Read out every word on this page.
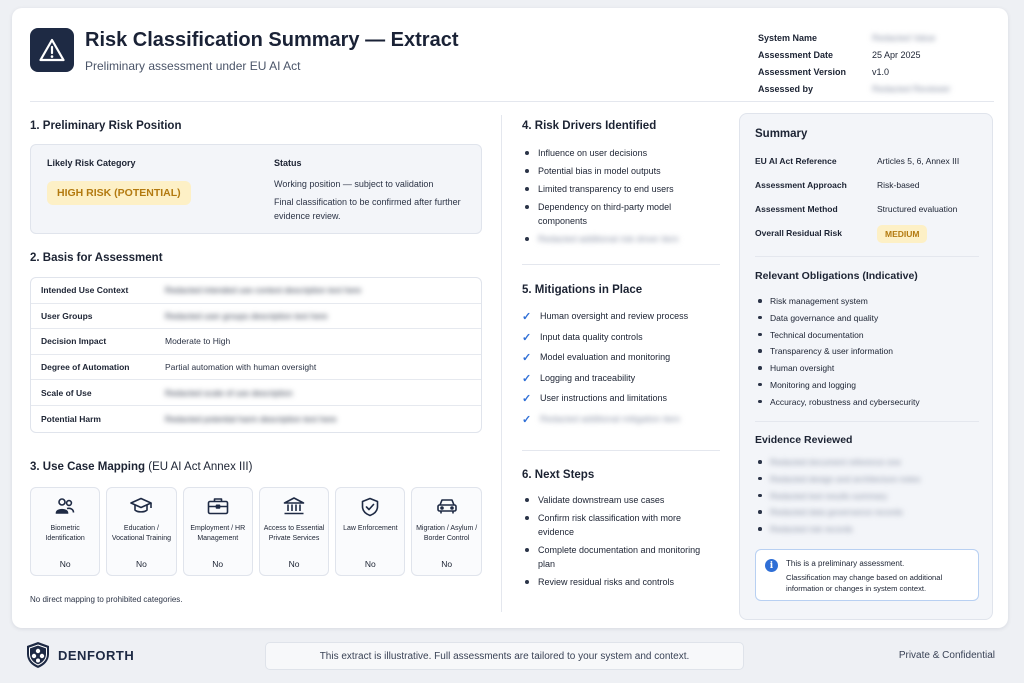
Risk Classification Summary — Extract
Preliminary assessment under EU AI Act
System Name	Redacted Value
Assessment Date	25 Apr 2025
Assessment Version	v1.0
Assessed by	Redacted Reviewer
1. Preliminary Risk Position
Likely Risk Category
HIGH RISK (POTENTIAL)
Status
Working position — subject to validation
Final classification to be confirmed after further evidence review.
2. Basis for Assessment
Intended Use Context	Redacted intended use context description text here
User Groups	Redacted user groups description text here
Decision Impact	Moderate to High
Degree of Automation	Partial automation with human oversight
Scale of Use	Redacted scale of use description
Potential Harm	Redacted potential harm description text here
3. Use Case Mapping (EU AI Act Annex III)
Biometric Identification
No
Education / Vocational Training
No
Employment / HR Management
No
Access to Essential Private Services
No
Law Enforcement
No
Migration / Asylum / Border Control
No
No direct mapping to prohibited categories.
4. Risk Drivers Identified
Influence on user decisions
Potential bias in model outputs
Limited transparency to end users
Dependency on third-party model components
Redacted additional risk driver item
5. Mitigations in Place
✓ Human oversight and review process
✓ Input data quality controls
✓ Model evaluation and monitoring
✓ Logging and traceability
✓ User instructions and limitations
✓ Redacted additional mitigation item
6. Next Steps
Validate downstream use cases
Confirm risk classification with more evidence
Complete documentation and monitoring plan
Review residual risks and controls
Summary
EU AI Act Reference	Articles 5, 6, Annex III
Assessment Approach	Risk-based
Assessment Method	Structured evaluation
Overall Residual Risk	MEDIUM
Relevant Obligations (Indicative)
Risk management system
Data governance and quality
Technical documentation
Transparency & user information
Human oversight
Monitoring and logging
Accuracy, robustness and cybersecurity
Evidence Reviewed
Redacted document reference one
Redacted design and architecture notes
Redacted test results summary
Redacted data governance records
Redacted risk records
i	This is a preliminary assessment.
Classification may change based on additional information or changes in system context.
DENFORTH	This extract is illustrative. Full assessments are tailored to your system and context.	Private & Confidential
